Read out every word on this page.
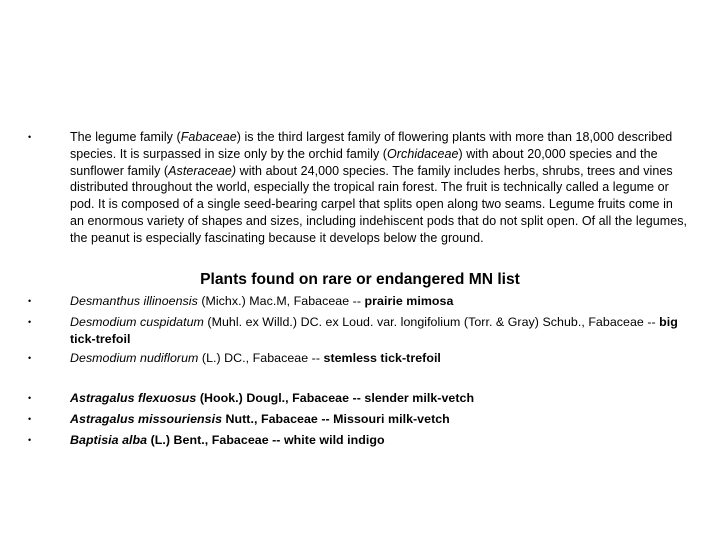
•	The legume family (Fabaceae) is the third largest family of flowering plants with more than 18,000 described species. It is surpassed in size only by the orchid family (Orchidaceae) with about 20,000 species and the sunflower family (Asteraceae) with about 24,000 species. The family includes herbs, shrubs, trees and vines distributed throughout the world, especially the tropical rain forest. The fruit is technically called a legume or pod. It is composed of a single seed-bearing carpel that splits open along two seams. Legume fruits come in an enormous variety of shapes and sizes, including indehiscent pods that do not split open. Of all the legumes, the peanut is especially fascinating because it develops below the ground.
Plants found on rare or endangered MN list
•	Desmanthus illinoensis (Michx.) Mac.M, Fabaceae -- prairie mimosa
•	Desmodium cuspidatum (Muhl. ex Willd.) DC. ex Loud. var. longifolium (Torr. & Gray) Schub., Fabaceae -- big tick-trefoil
•	Desmodium nudiflorum (L.) DC., Fabaceae -- stemless tick-trefoil
•	Astragalus flexuosus (Hook.) Dougl., Fabaceae -- slender milk-vetch
•	Astragalus missouriensis Nutt., Fabaceae -- Missouri milk-vetch
•	Baptisia alba (L.) Bent., Fabaceae -- white wild indigo
